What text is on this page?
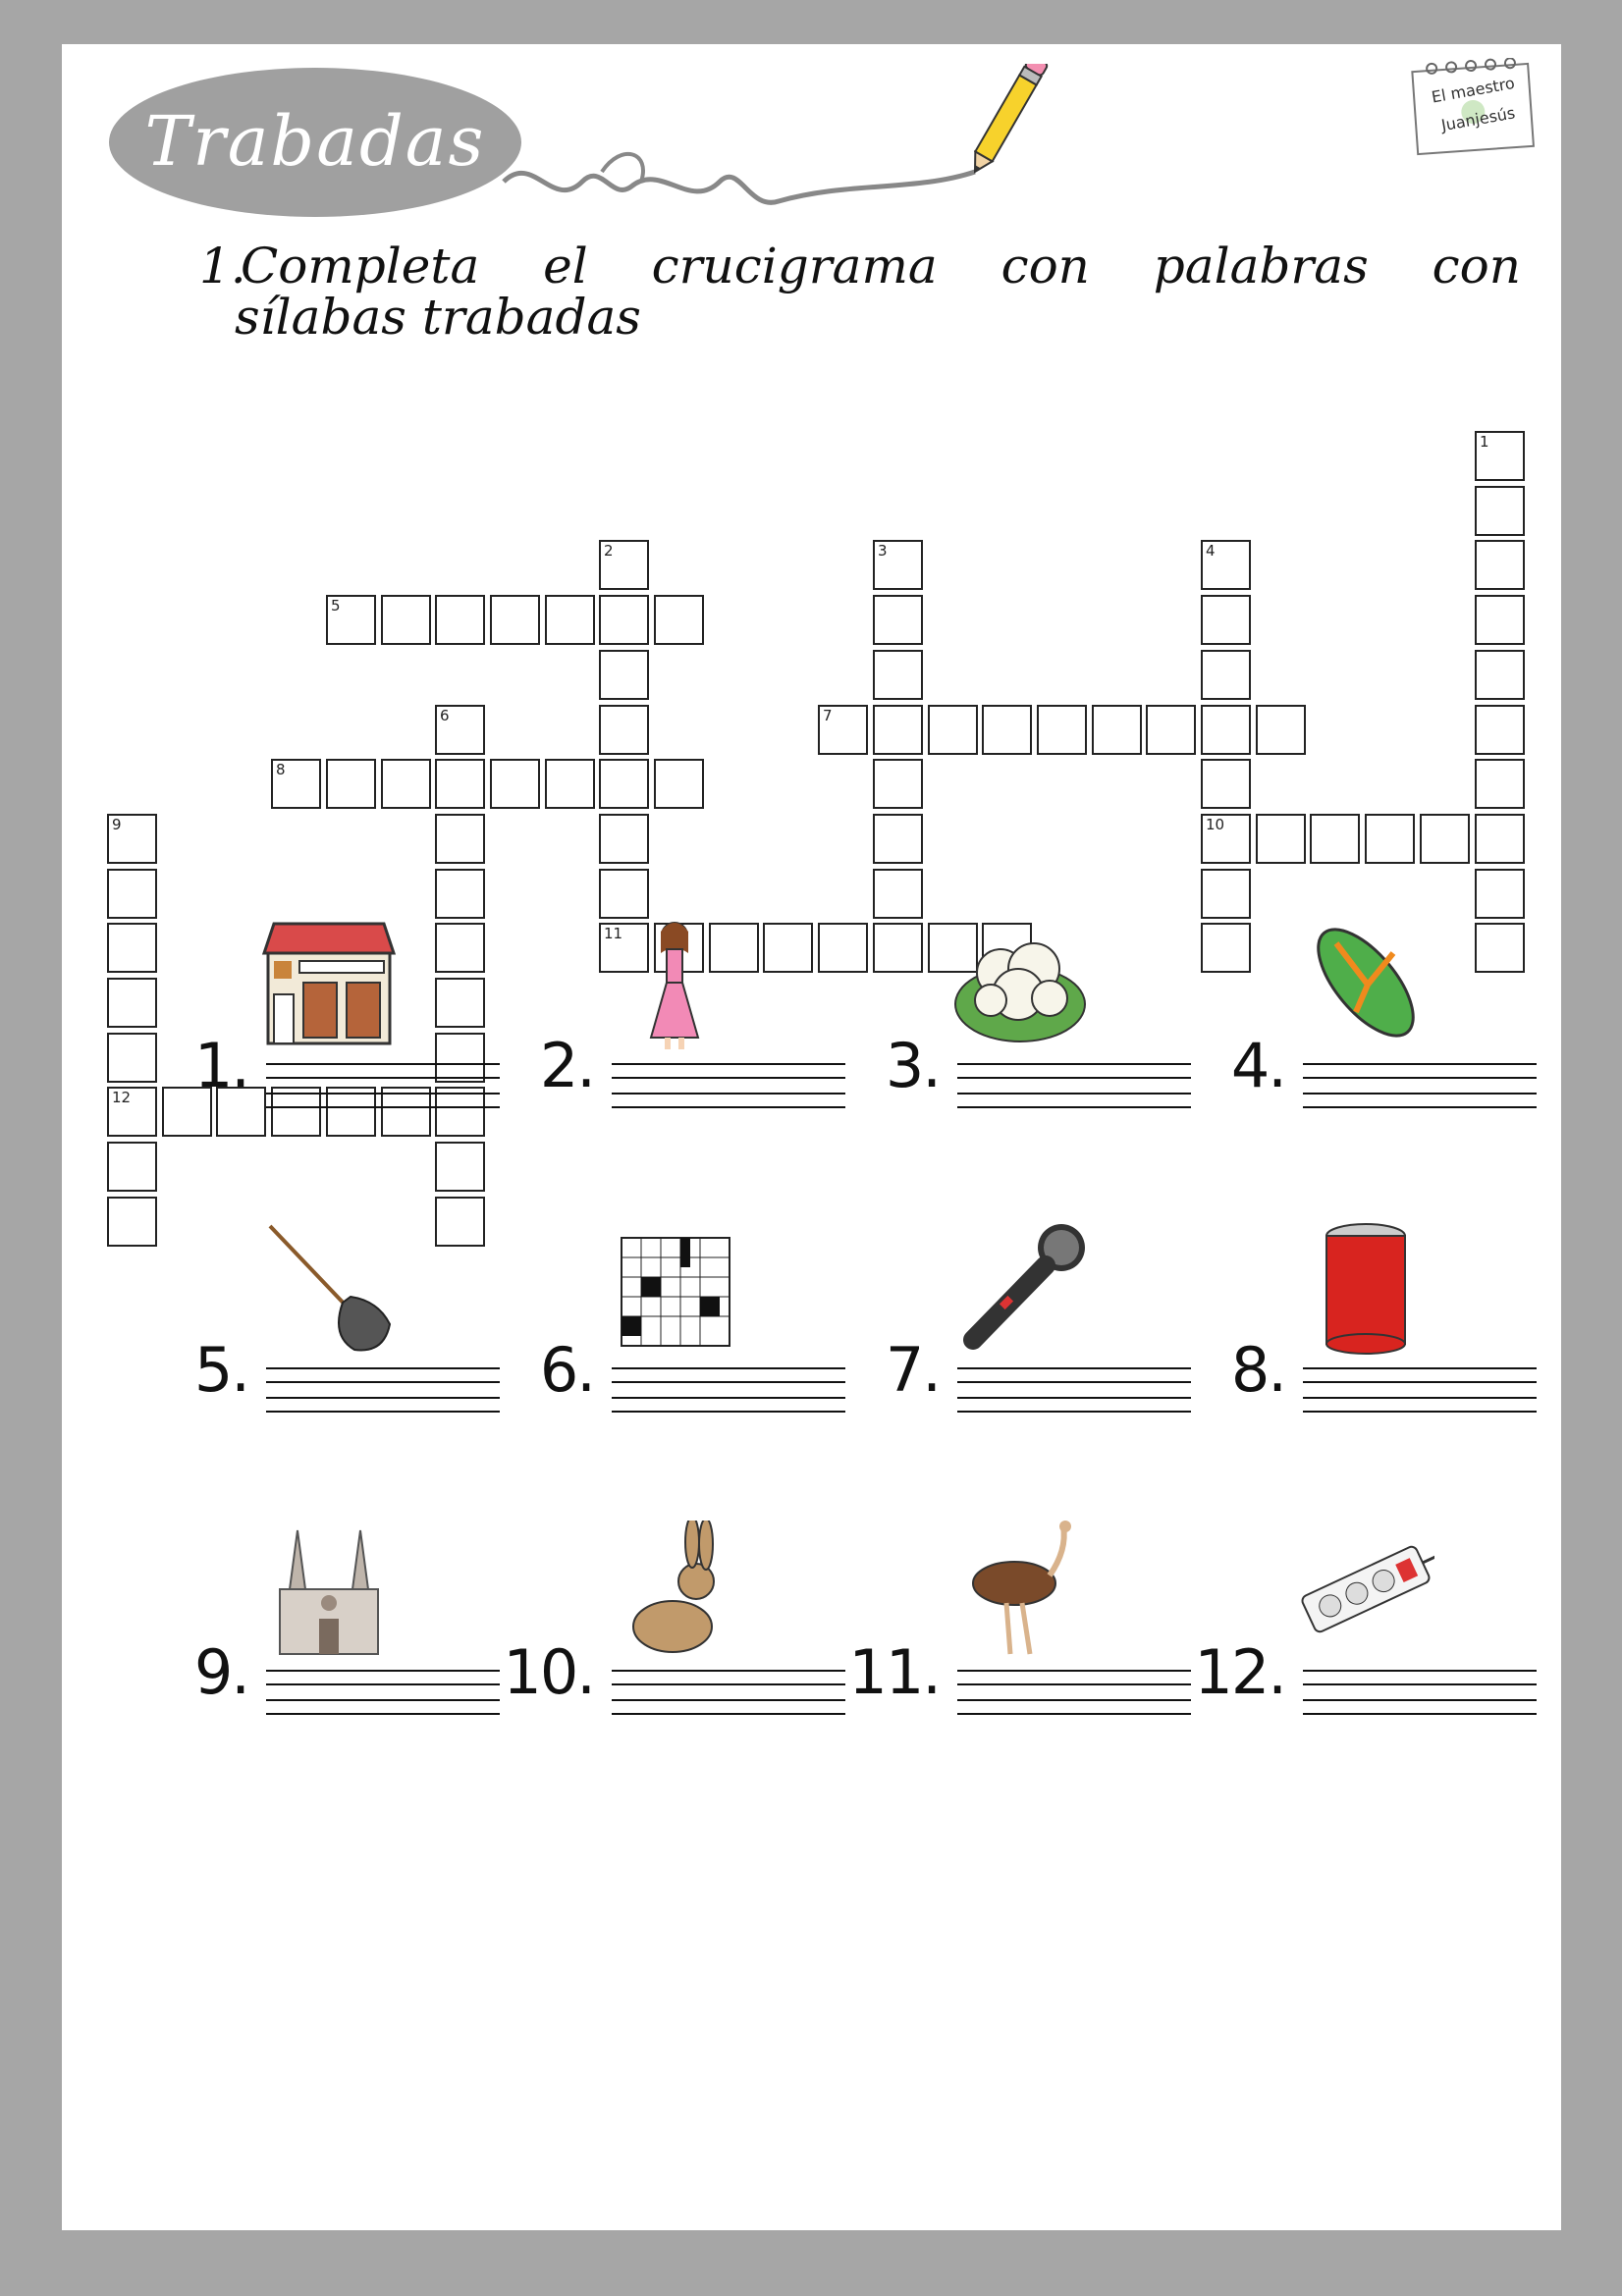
Trabadas
El maestro
Juanjesús
1.Completa el crucigrama con palabras con
sílabas trabadas
1
2
11
3	4
10
5
6	7
8
9
12 1.	2.	3.	4.
5.	6.	7.	8.
9.	10.	11.	12.
